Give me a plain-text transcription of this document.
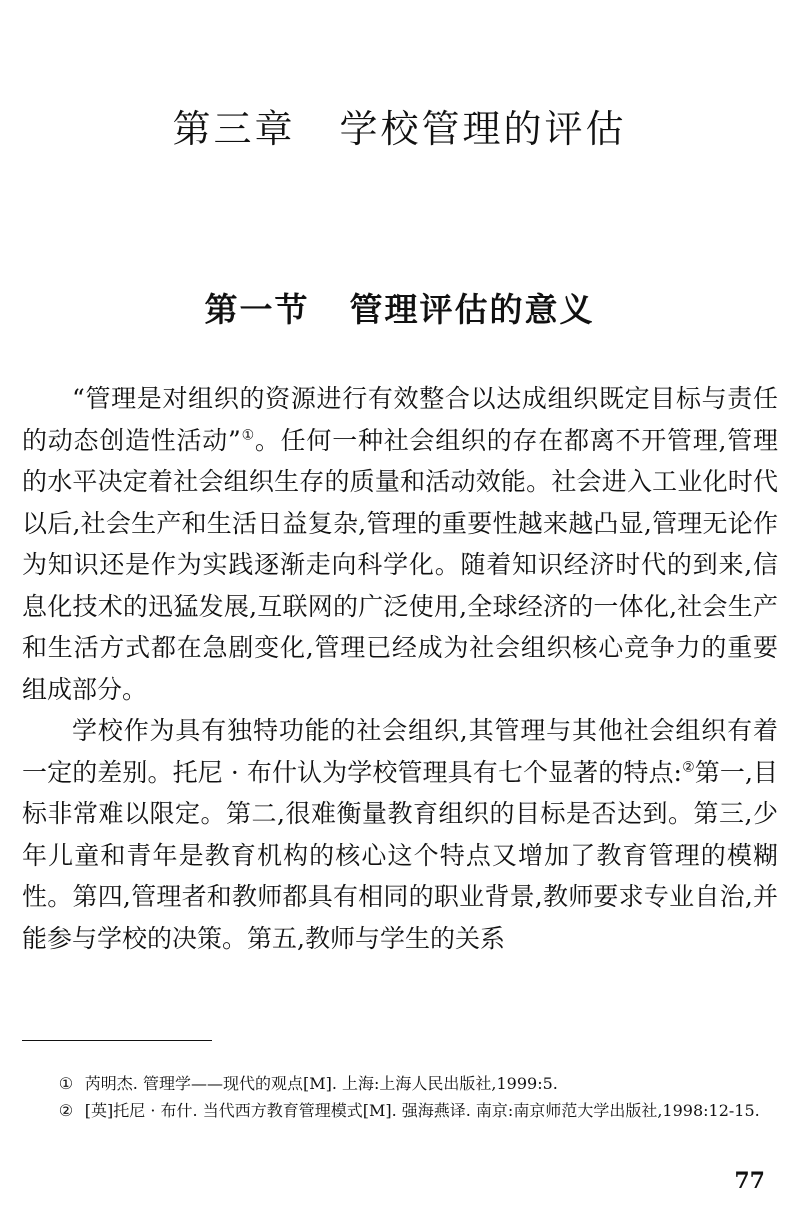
第三章 学校管理的评估
第一节 管理评估的意义

“管理是对组织的资源进行有效整合以达成组织既定目标与责任的动态创造性活动”①。任何一种社会组织的存在都离不开管理,管理的水平决定着社会组织生存的质量和活动效能。社会进入工业化时代以后,社会生产和生活日益复杂,管理的重要性越来越凸显,管理无论作为知识还是作为实践逐渐走向科学化。随着知识经济时代的到来,信息化技术的迅猛发展,互联网的广泛使用,全球经济的一体化,社会生产和生活方式都在急剧变化,管理已经成为社会组织核心竞争力的重要组成部分。

学校作为具有独特功能的社会组织,其管理与其他社会组织有着一定的差别。托尼 · 布什认为学校管理具有七个显著的特点:②第一,目标非常难以限定。第二,很难衡量教育组织的目标是否达到。第三,少年儿童和青年是教育机构的核心这个特点又增加了教育管理的模糊性。第四,管理者和教师都具有相同的职业背景,教师要求专业自治,并能参与学校的决策。第五,教师与学生的关系

① 芮明杰. 管理学——现代的观点[M]. 上海:上海人民出版社,1999:5.

② [英]托尼 · 布什. 当代西方教育管理模式[M]. 强海燕译. 南京:南京师范大学出版社,1998:12-15.

77
